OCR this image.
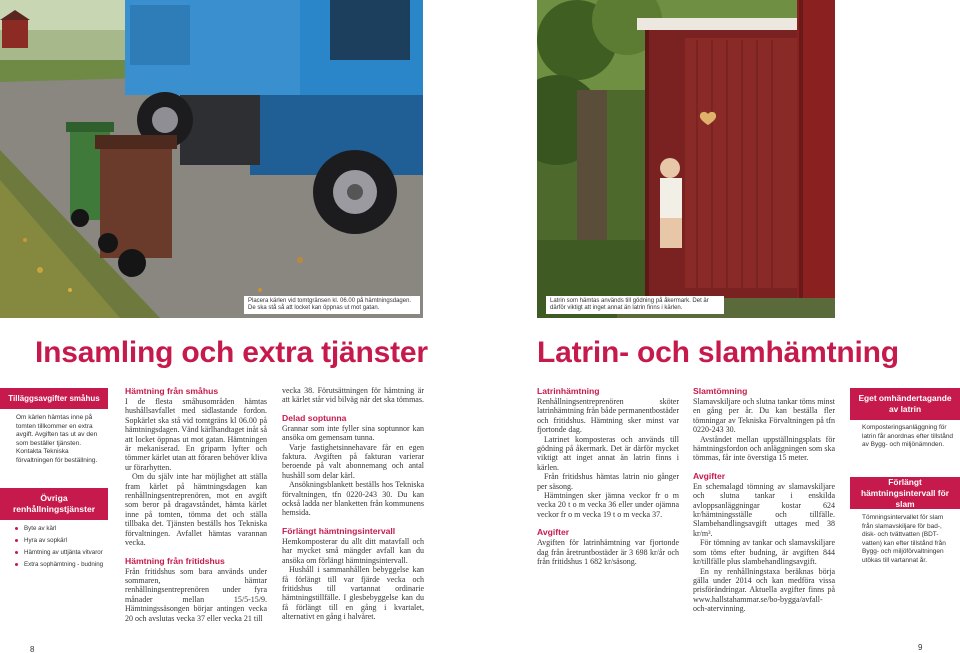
Placera kärlen vid tomtgränsen kl. 06.00 på hämtningsdagen. De ska stå så att locket kan öppnas ut mot gatan.
Latrin som hämtas används till gödning på åkermark. Det är därför viktigt att inget annat än latrin finns i kärlen.
Insamling och extra tjänster	Latrin- och slamhämtning
Tilläggsavgifter småhus
Om kärlen hämtas inne på tomten tillkommer en extra avgift. Avgiften tas ut av den som beställer tjänsten. Kontakta Tekniska förvaltningen för beställning.
Övriga renhållningstjänster
Byte av kärl
Hyra av sopkärl
Hämtning av uttjänta vitvaror
Extra sophämtning - budning
Hämtning från småhus

I de flesta småhusområden hämtas hushållsavfallet med sidlastande fordon. Sopkärlet ska stå vid tomtgräns kl 06.00 på hämtningsdagen. Vänd kärlhandtaget inåt så att locket öppnas ut mot gatan. Hämtningen är mekaniserad. En griparm lyfter och tömmer kärlet utan att föraren behöver kliva ur förarhytten.

Om du själv inte har möjlighet att ställa fram kärlet på hämtningsdagen kan renhållningsentreprenören, mot en avgift som beror på dragavståndet, hämta kärlet inne på tomten, tömma det och ställa tillbaka det. Tjänsten beställs hos Tekniska förvaltningen. Avfallet hämtas varannan vecka.

Hämtning från fritidshus

Från fritidshus som bara används under sommaren, hämtar renhållningsentreprenören under fyra månader mellan 15/5-15/9. Hämtningssäsongen börjar antingen vecka 20 och avslutas vecka 37 eller vecka 21 till

vecka 38. Förutsättningen för hämtning är att kärlet står vid bilväg när det ska tömmas.

Delad soptunna

Grannar som inte fyller sina soptunnor kan ansöka om gemensam tunna.

Varje fastighetsinnehavare får en egen faktura. Avgiften på fakturan varierar beroende på valt abonnemang och antal hushåll som delar kärl.

Ansökningsblankett beställs hos Tekniska förvaltningen, tfn 0220-243 30. Du kan också ladda ner blanketten från kommunens hemsida.

Förlängt hämtningsintervall

Hemkomposterar du allt ditt matavfall och har mycket små mängder avfall kan du ansöka om förlängt hämtningsintervall.

Hushåll i sammanhållen bebyggelse kan få förlängt till var fjärde vecka och fritidshus till vartannat ordinarie hämtningstillfälle. I glesbebyggelse kan du få förlängt till en gång i kvartalet, alternativt en gång i halvåret.

Latrinhämtning

Renhållningsentreprenören sköter latrinhämtning från både permanentbostäder och fritidshus. Hämtning sker minst var fjortonde dag.

Latrinet komposteras och används till gödning på åkermark. Det är därför mycket viktigt att inget annat än latrin finns i kärlen.

Från fritidshus hämtas latrin nio gånger per säsong.

Hämtningen sker jämna veckor fr o m vecka 20 t o m vecka 36 eller under ojämna veckor fr o m vecka 19 t o m vecka 37.

Avgifter

Avgiften för latrinhämtning var fjortonde dag från åretruntbostäder är 3 698 kr/år och från fritidshus 1 682 kr/säsong.

Slamtömning

Slamavskiljare och slutna tankar töms minst en gång per år. Du kan beställa fler tömningar av Tekniska Förvaltningen på tfn 0220-243 30.

Avståndet mellan uppställningsplats för hämtningsfordon och anläggningen som ska tömmas, får inte överstiga 15 meter.

Avgifter

En schemalagd tömning av slamavskiljare och slutna tankar i enskilda avloppsanläggningar kostar 624 kr/hämtningsställe och tillfälle. Slambehandlingsavgift uttages med 38 kr/m³.

För tömning av tankar och slamavskiljare som töms efter budning, är avgiften 844 kr/tillfälle plus slambehandlingsavgift.

En ny renhållningstaxa beräknas börja gälla under 2014 och kan medföra vissa prisförändringar. Aktuella avgifter finns på www.hallstahammar.se/bo-bygga/avfall-och-atervinning.

Eget omhändertagande av latrin
Komposteringsanläggning för latrin får anordnas efter tillstånd av Bygg- och miljönämnden.
Förlängt hämtningsintervall för slam
Tömningsintervallet för slam från slamavskiljare för bad-, disk- och tvättvatten (BDT-vatten) kan efter tillstånd från Bygg- och miljöförvaltningen utökas till vartannat år.
8	9
